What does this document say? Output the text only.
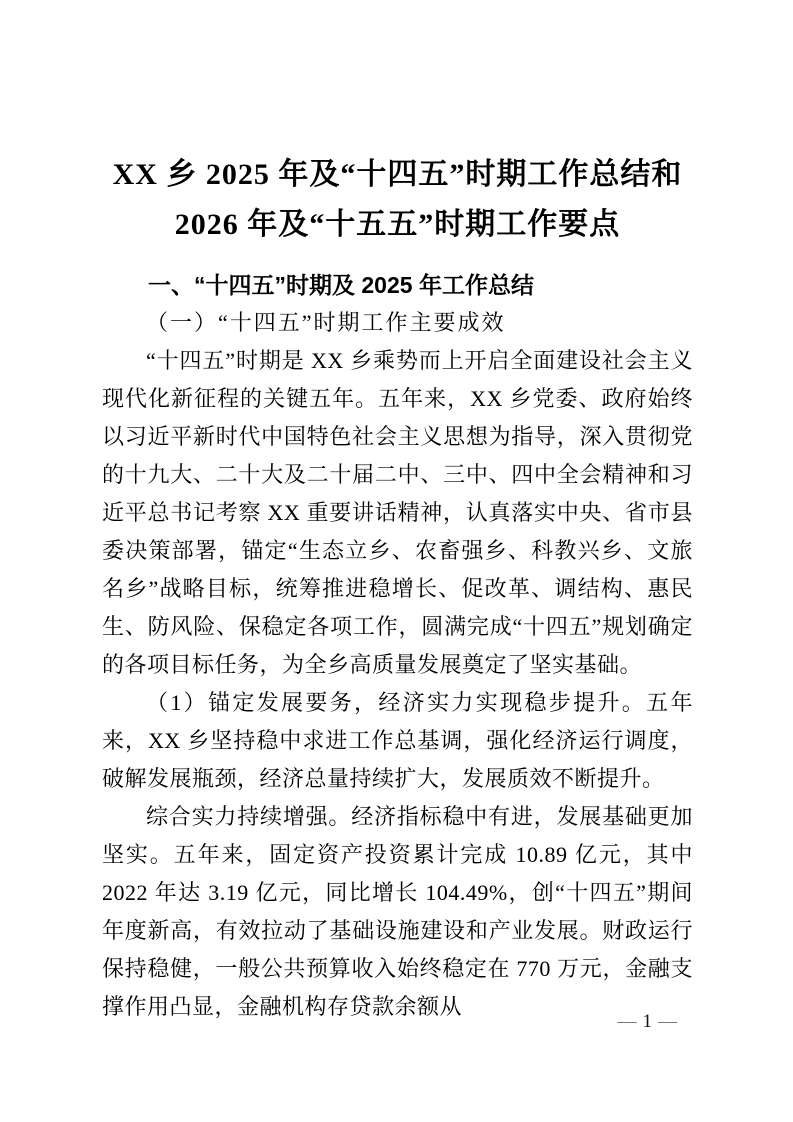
XX 乡 2025 年及“十四五”时期工作总结和
2026 年及“十五五”时期工作要点
一、“十四五”时期及 2025 年工作总结
（一）“十四五”时期工作主要成效

“十四五”时期是 XX 乡乘势而上开启全面建设社会主义现代化新征程的关键五年。五年来，XX 乡党委、政府始终以习近平新时代中国特色社会主义思想为指导，深入贯彻党的十九大、二十大及二十届二中、三中、四中全会精神和习近平总书记考察 XX 重要讲话精神，认真落实中央、省市县委决策部署，锚定“生态立乡、农畜强乡、科教兴乡、文旅名乡”战略目标，统筹推进稳增长、促改革、调结构、惠民生、防风险、保稳定各项工作，圆满完成“十四五”规划确定的各项目标任务，为全乡高质量发展奠定了坚实基础。

（1）锚定发展要务，经济实力实现稳步提升。五年来，XX 乡坚持稳中求进工作总基调，强化经济运行调度，破解发展瓶颈，经济总量持续扩大，发展质效不断提升。

综合实力持续增强。经济指标稳中有进，发展基础更加坚实。五年来，固定资产投资累计完成 10.89 亿元，其中 2022 年达 3.19 亿元，同比增长 104.49%，创“十四五”期间年度新高，有效拉动了基础设施建设和产业发展。财政运行保持稳健，一般公共预算收入始终稳定在 770 万元，金融支撑作用凸显，金融机构存贷款余额从

— 1 —
